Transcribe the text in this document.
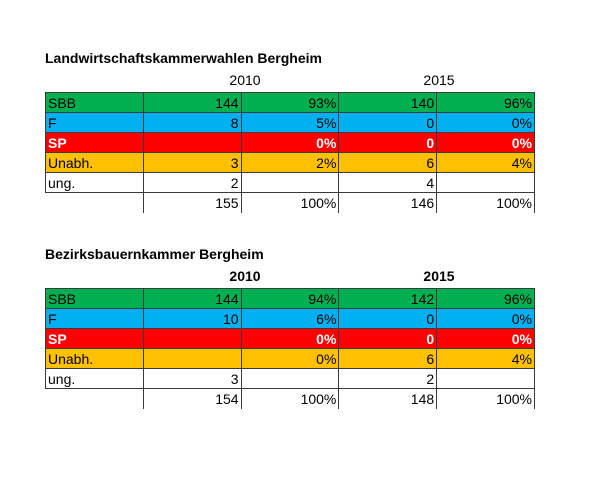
Landwirtschaftskammerwahlen Bergheim
2010	2015
SBB	144	93%	140	96%
F	8	5%	0	0%
SP		0%	0	0%
Unabh.	3	2%	6	4%
ung.	2		4	
	155	100%	146	100%
Bezirksbauernkammer Bergheim
2010	2015
SBB	144	94%	142	96%
F	10	6%	0	0%
SP		0%	0	0%
Unabh.		0%	6	4%
ung.	3		2	
	154	100%	148	100%
